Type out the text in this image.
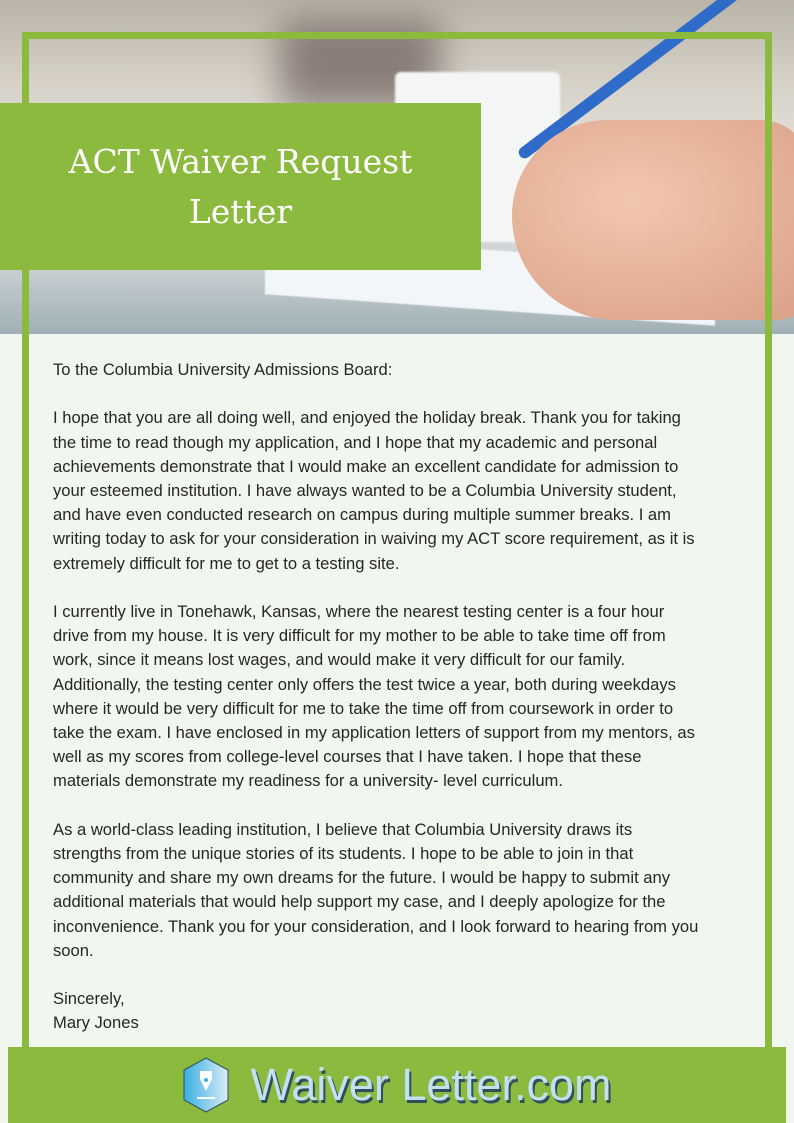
ACT Waiver Request Letter

To the Columbia University Admissions Board:

I hope that you are all doing well, and enjoyed the holiday break. Thank you for taking
the time to read though my application, and I hope that my academic and personal
achievements demonstrate that I would make an excellent candidate for admission to
your esteemed institution. I have always wanted to be a Columbia University student,
and have even conducted research on campus during multiple summer breaks. I am
writing today to ask for your consideration in waiving my ACT score requirement, as it is
extremely difficult for me to get to a testing site.

I currently live in Tonehawk, Kansas, where the nearest testing center is a four hour
drive from my house. It is very difficult for my mother to be able to take time off from
work, since it means lost wages, and would make it very difficult for our family.
Additionally, the testing center only offers the test twice a year, both during weekdays
where it would be very difficult for me to take the time off from coursework in order to
take the exam. I have enclosed in my application letters of support from my mentors, as
well as my scores from college-level courses that I have taken. I hope that these
materials demonstrate my readiness for a university- level curriculum.

As a world-class leading institution, I believe that Columbia University draws its
strengths from the unique stories of its students. I hope to be able to join in that
community and share my own dreams for the future. I would be happy to submit any
additional materials that would help support my case, and I deeply apologize for the
inconvenience. Thank you for your consideration, and I look forward to hearing from you
soon.

Sincerely,
Mary Jones

Waiver Letter.com
